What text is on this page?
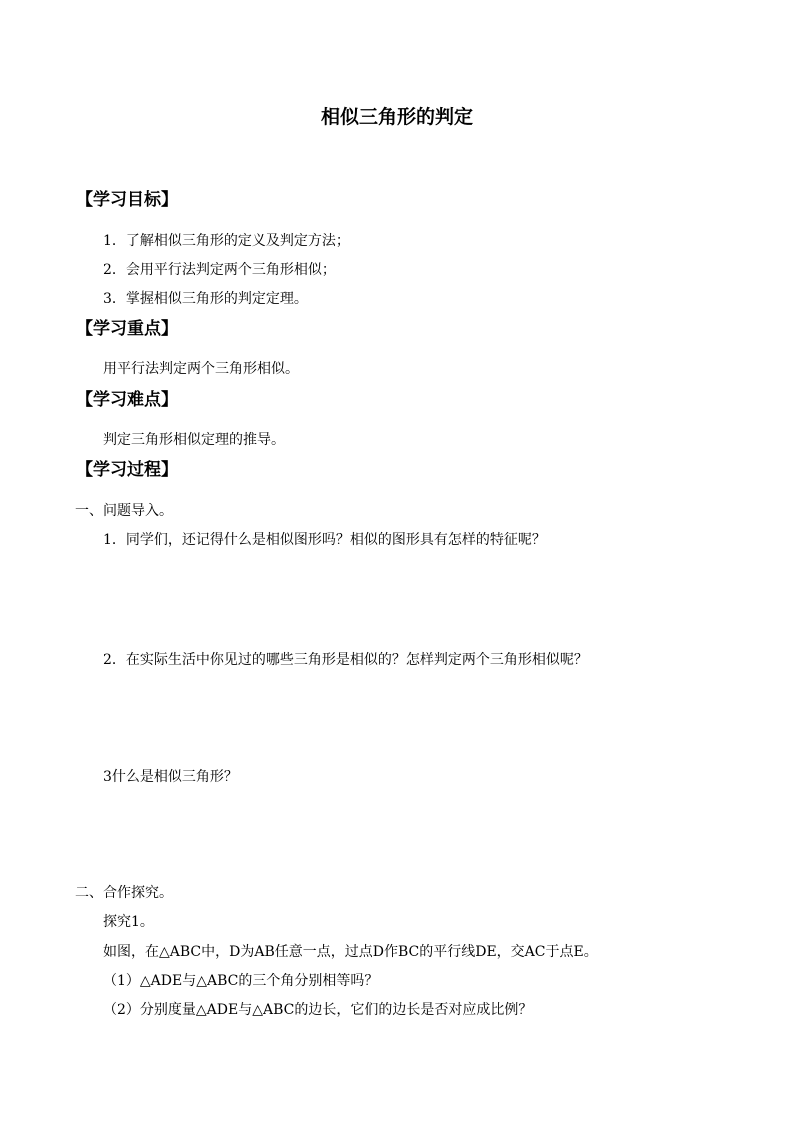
相似三角形的判定
【学习目标】
1．了解相似三角形的定义及判定方法；
2．会用平行法判定两个三角形相似；
3．掌握相似三角形的判定定理。
【学习重点】
用平行法判定两个三角形相似。
【学习难点】
判定三角形相似定理的推导。
【学习过程】
一、问题导入。
1．同学们，还记得什么是相似图形吗？相似的图形具有怎样的特征呢？
2．在实际生活中你见过的哪些三角形是相似的？怎样判定两个三角形相似呢？
3什么是相似三角形？
二、合作探究。
探究1。
如图，在△ABC中，D为AB任意一点，过点D作BC的平行线DE，交AC于点E。
（1）△ADE与△ABC的三个角分别相等吗？
（2）分别度量△ADE与△ABC的边长，它们的边长是否对应成比例？
